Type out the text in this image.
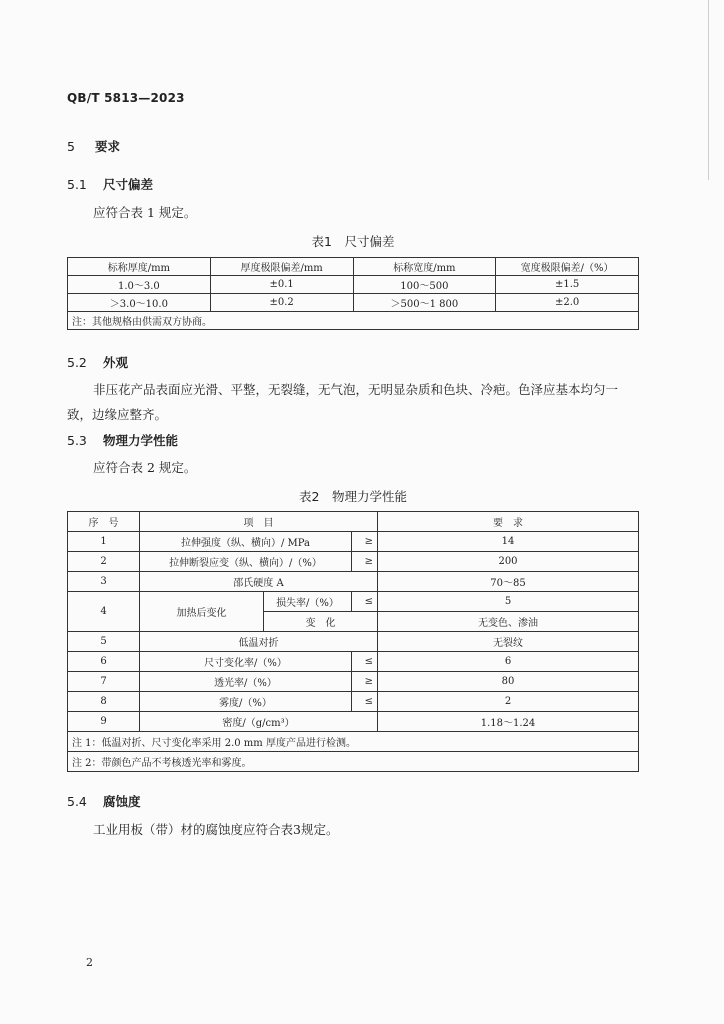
QB/T 5813—2023
5 要求
5.1 尺寸偏差
应符合表 1 规定。
表1　尺寸偏差
标称厚度/mm	厚度极限偏差/mm	标称宽度/mm	宽度极限偏差/（%）
1.0～3.0	±0.1	100～500	±1.5
＞3.0～10.0	±0.2	＞500～1 800	±2.0
注：其他规格由供需双方协商。			
5.2 外观
非压花产品表面应光滑、平整，无裂缝，无气泡，无明显杂质和色块、冷疤。色泽应基本均匀一致，边缘应整齐。
5.3 物理力学性能
应符合表 2 规定。
表2　物理力学性能
序　号	项　目			要　求
1	拉伸强度（纵、横向）/ MPa		≥	14
2	拉伸断裂应变（纵、横向）/（%）		≥	200
3	邵氏硬度 A			70～85
4	加热后变化	损失率/（%）	≤	5
		变　化		无变色、渗油
5	低温对折			无裂纹
6	尺寸变化率/（%）		≤	6
7	透光率/（%）		≥	80
8	雾度/（%）		≤	2
9	密度/（g/cm³）			1.18～1.24
注 1：低温对折、尺寸变化率采用 2.0 mm 厚度产品进行检测。				
注 2：带颜色产品不考核透光率和雾度。				
5.4 腐蚀度
工业用板（带）材的腐蚀度应符合表3规定。
2
